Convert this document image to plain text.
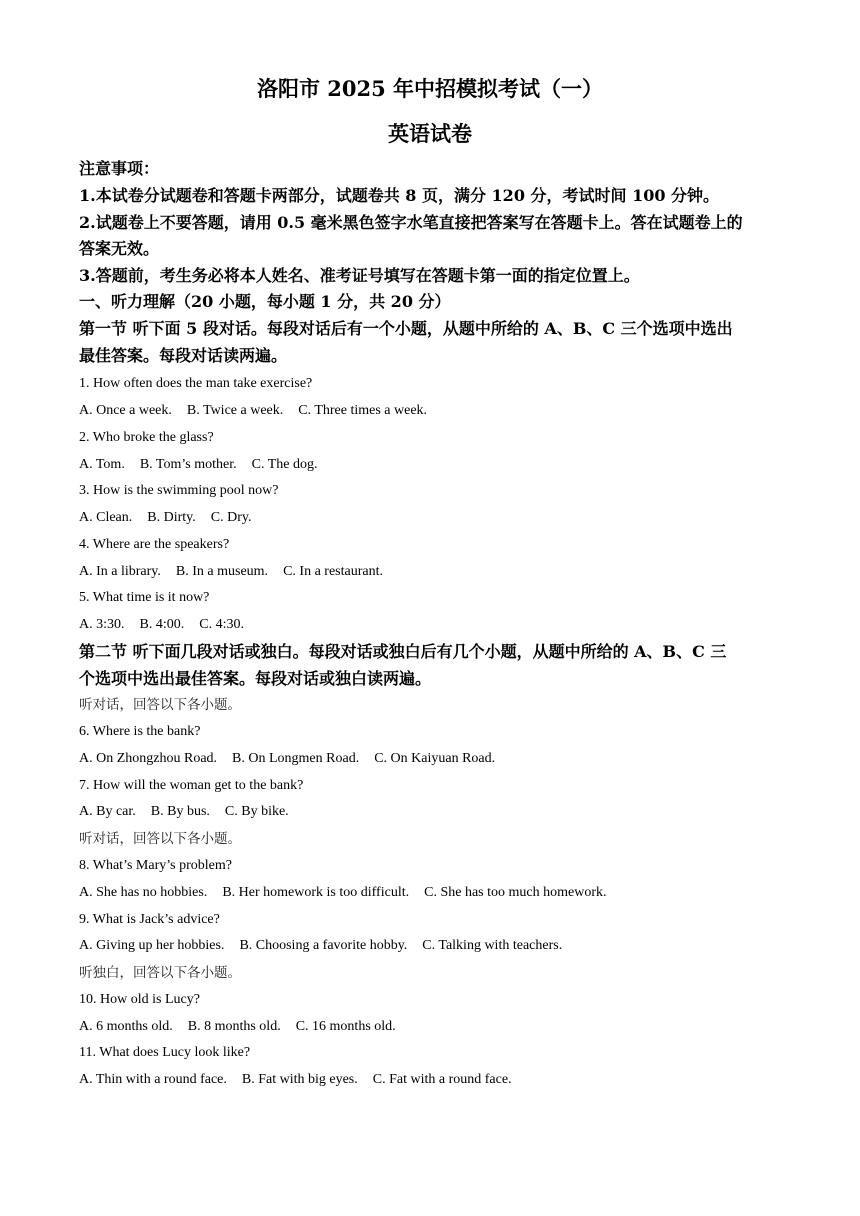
洛阳市 2025 年中招模拟考试（一）
英语试卷
注意事项：
1.本试卷分试题卷和答题卡两部分，试题卷共 8 页，满分 120 分，考试时间 100 分钟。
2.试题卷上不要答题，请用 0.5 毫米黑色签字水笔直接把答案写在答题卡上。答在试题卷上的
答案无效。
3.答题前，考生务必将本人姓名、准考证号填写在答题卡第一面的指定位置上。
一、听力理解（20 小题，每小题 1 分，共 20 分）
第一节 听下面 5 段对话。每段对话后有一个小题，从题中所给的 A、B、C 三个选项中选出
最佳答案。每段对话读两遍。
1. How often does the man take exercise?
A. Once a week. B. Twice a week. C. Three times a week.
2. Who broke the glass?
A. Tom. B. Tom’s mother. C. The dog.
3. How is the swimming pool now?
A. Clean. B. Dirty. C. Dry.
4. Where are the speakers?
A. In a library. B. In a museum. C. In a restaurant.
5. What time is it now?
A. 3:30. B. 4:00. C. 4:30.
第二节 听下面几段对话或独白。每段对话或独白后有几个小题，从题中所给的 A、B、C 三
个选项中选出最佳答案。每段对话或独白读两遍。
听对话，回答以下各小题。
6. Where is the bank?
A. On Zhongzhou Road. B. On Longmen Road. C. On Kaiyuan Road.
7. How will the woman get to the bank?
A. By car. B. By bus. C. By bike.
听对话，回答以下各小题。
8. What’s Mary’s problem?
A. She has no hobbies. B. Her homework is too difficult. C. She has too much homework.
9. What is Jack’s advice?
A. Giving up her hobbies. B. Choosing a favorite hobby. C. Talking with teachers.
听独白，回答以下各小题。
10. How old is Lucy?
A. 6 months old. B. 8 months old. C. 16 months old.
11. What does Lucy look like?
A. Thin with a round face. B. Fat with big eyes. C. Fat with a round face.
